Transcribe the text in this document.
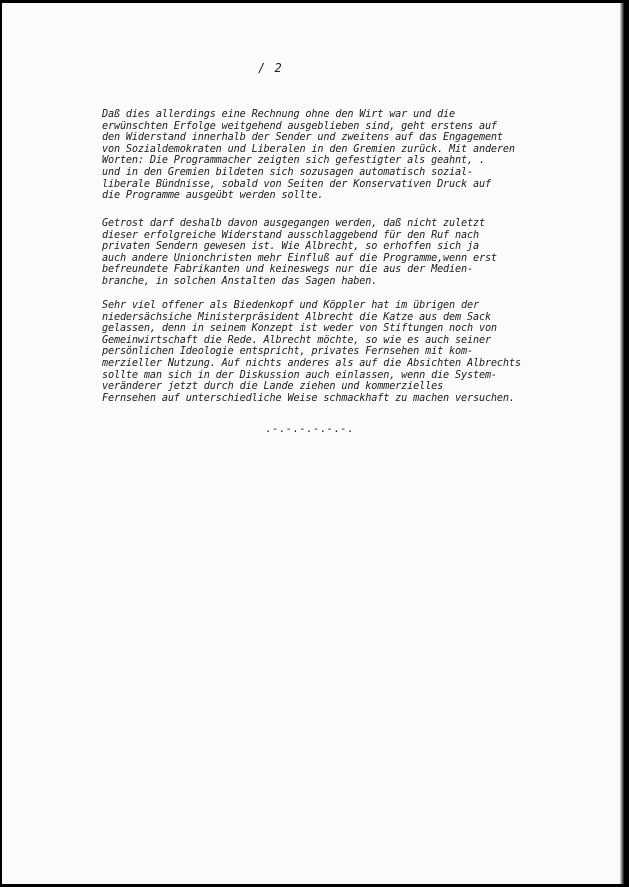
/ 2
Daß dies allerdings eine Rechnung ohne den Wirt war und die
erwünschten Erfolge weitgehend ausgeblieben sind, geht erstens auf
den Widerstand innerhalb der Sender und zweitens auf das Engagement
von Sozialdemokraten und Liberalen in den Gremien zurück. Mit anderen
Worten: Die Programmacher zeigten sich gefestigter als geahnt, .
und in den Gremien bildeten sich sozusagen automatisch sozial-
liberale Bündnisse, sobald von Seiten der Konservativen Druck auf
die Programme ausgeübt werden sollte.
Getrost darf deshalb davon ausgegangen werden, daß nicht zuletzt
dieser erfolgreiche Widerstand ausschlaggebend für den Ruf nach
privaten Sendern gewesen ist. Wie Albrecht, so erhoffen sich ja
auch andere Unionchristen mehr Einfluß auf die Programme,wenn erst
befreundete Fabrikanten und keineswegs nur die aus der Medien-
branche, in solchen Anstalten das Sagen haben.
Sehr viel offener als Biedenkopf und Köppler hat im übrigen der
niedersächsiche Ministerpräsident Albrecht die Katze aus dem Sack
gelassen, denn in seinem Konzept ist weder von Stiftungen noch von
Gemeinwirtschaft die Rede. Albrecht möchte, so wie es auch seiner
persönlichen Ideologie entspricht, privates Fernsehen mit kom-
merzieller Nutzung. Auf nichts anderes als auf die Absichten Albrechts
sollte man sich in der Diskussion auch einlassen, wenn die System-
veränderer jetzt durch die Lande ziehen und kommerzielles
Fernsehen auf unterschiedliche Weise schmackhaft zu machen versuchen.
.-.-.-.-.-.-.
